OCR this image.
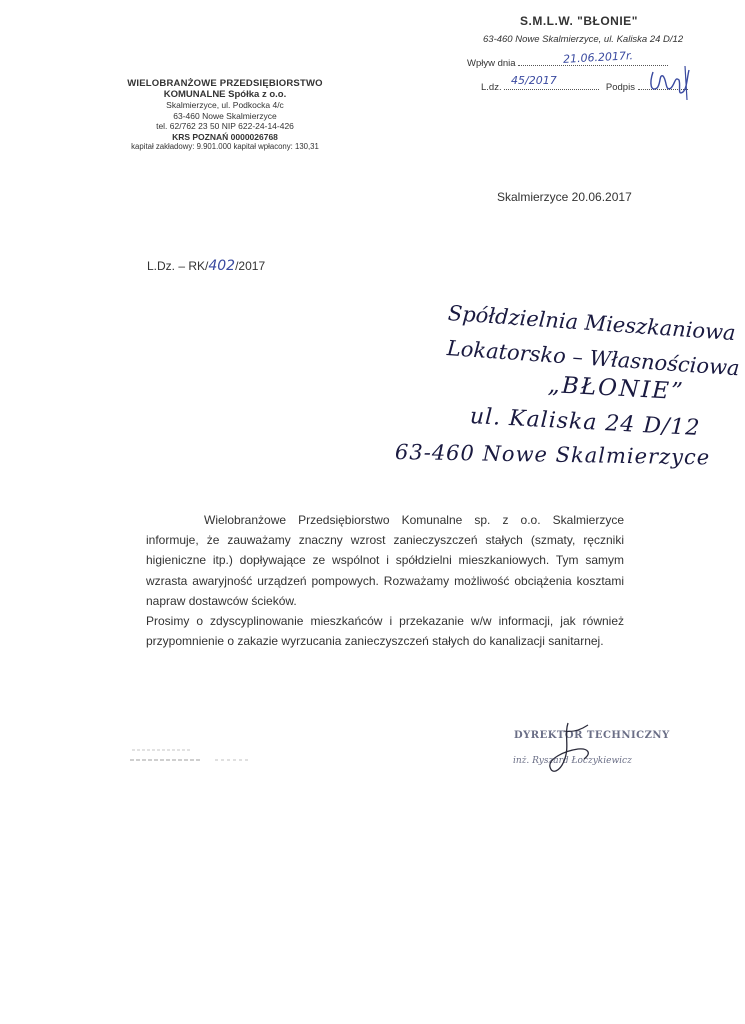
S.M.L.W. "BŁONIE"
63-460 Nowe Skalmierzyce, ul. Kaliska 24 D/12
Wpływ dnia	21.06.2017r.
L.dz.	Podpis
45/2017
WIELOBRANŻOWE PRZEDSIĘBIORSTWO
KOMUNALNE Spółka z o.o.
Skalmierzyce, ul. Podkocka 4/c
63-460 Nowe Skalmierzyce
tel. 62/762 23 50 NIP 622-24-14-426
KRS POZNAŃ 0000026768
kapitał zakładowy: 9.901.000 kapitał wpłacony: 130,31
Skalmierzyce 20.06.2017
L.Dz. – RK/402/2017
Spółdzielnia Mieszkaniowa
Lokatorsko – Własnościowa
„BŁONIE”
ul. Kaliska 24 D/12
63-460 Nowe Skalmierzyce

Wielobranżowe Przedsiębiorstwo Komunalne sp. z o.o. Skalmierzyce informuje, że zauważamy znaczny wzrost zanieczyszczeń stałych (szmaty, ręczniki higieniczne itp.) dopływające ze wspólnot i spółdzielni mieszkaniowych. Tym samym wzrasta awaryjność urządzeń pompowych. Rozważamy możliwość obciążenia kosztami napraw dostawców ścieków.

Prosimy o zdyscyplinowanie mieszkańców i przekazanie w/w informacji, jak również przypomnienie o zakazie wyrzucania zanieczyszczeń stałych do kanalizacji sanitarnej.

DYREKTOR TECHNICZNY
inż. Ryszard Łoczykiewicz
